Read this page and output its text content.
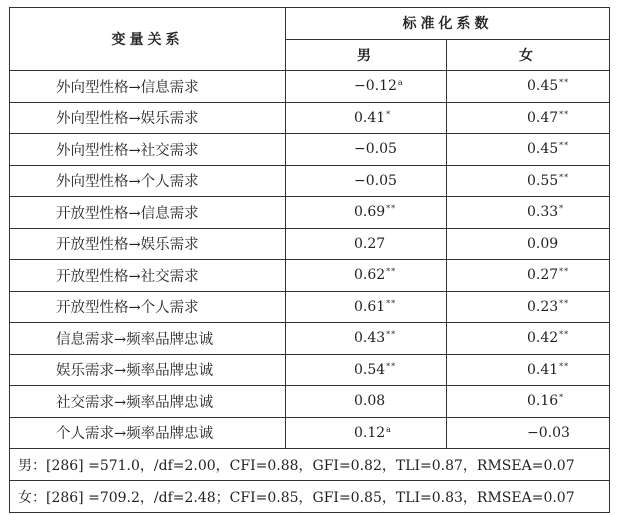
变量关系	标准化系数	
	男	女
外向型性格→信息需求	−0.12$^a$	0.45**
外向型性格→娱乐需求	0.41*	0.47**
外向型性格→社交需求	−0.05	0.45**
外向型性格→个人需求	−0.05	0.55**
开放型性格→信息需求	0.69**	0.33*
开放型性格→娱乐需求	0.27	0.09
开放型性格→社交需求	0.62**	0.27**
开放型性格→个人需求	0.61**	0.23**
信息需求→频率品牌忠诚	0.43**	0.42**
娱乐需求→频率品牌忠诚	0.54**	0.41**
社交需求→频率品牌忠诚	0.08	0.16*
个人需求→频率品牌忠诚	0.12$^a$	−0.03
男：[286] =571.0，/df=2.00，CFI=0.88，GFI=0.82，TLI=0.87，RMSEA=0.07		
女：[286] =709.2，/df=2.48；CFI=0.85，GFI=0.85，TLI=0.83，RMSEA=0.07		
